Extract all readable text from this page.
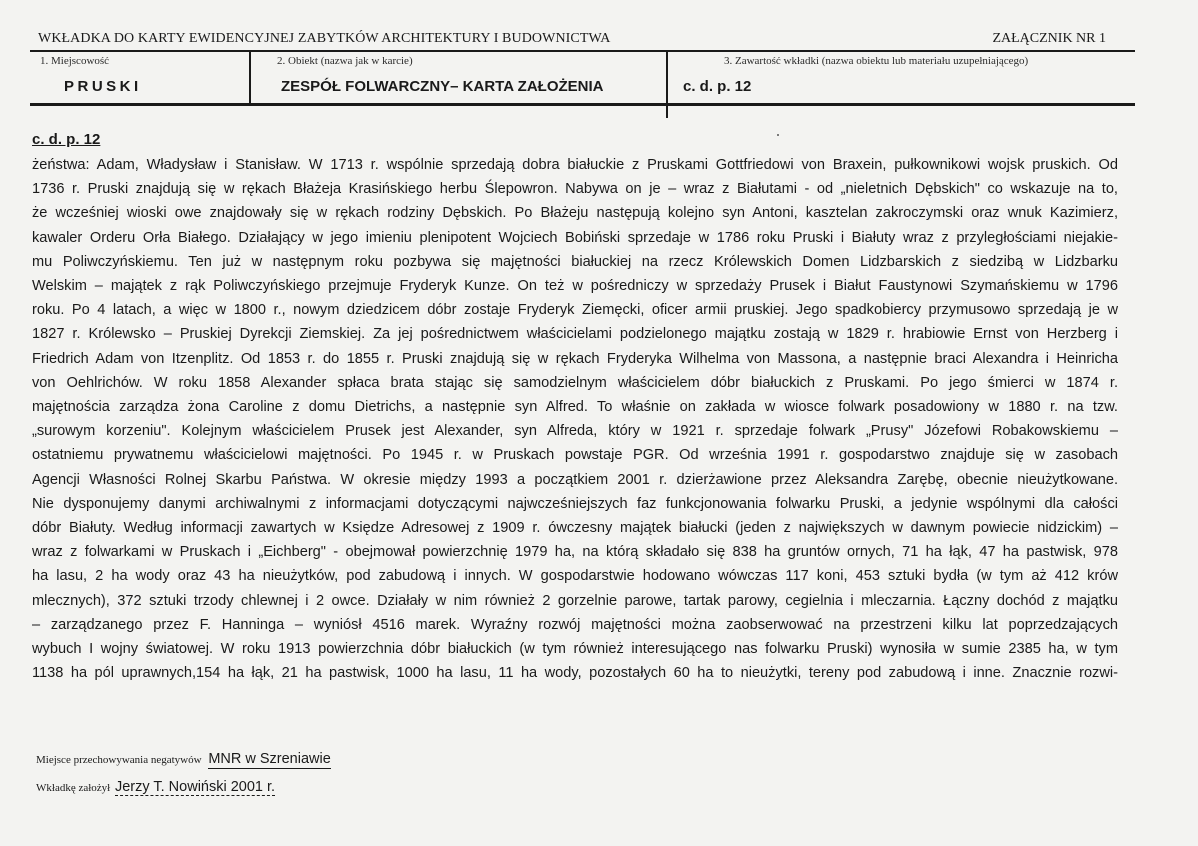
WKŁADKA DO KARTY EWIDENCYJNEJ ZABYTKÓW ARCHITEKTURY I BUDOWNICTWA	ZAŁĄCZNIK NR 1
1. Miejscowość
PRUSKI
2. Obiekt (nazwa jak w karcie)
ZESPÓŁ FOLWARCZNY– KARTA ZAŁOŻENIA
3. Zawartość wkładki (nazwa obiektu lub materiału uzupełniającego)
c. d. p. 12
c. d. p. 12
żeństwa: Adam, Władysław i Stanisław. W 1713 r. wspólnie sprzedają dobra białuckie z Pruskami Gottfriedowi von Braxein, pułkownikowi wojsk pruskich. Od
1736 r. Pruski znajdują się w rękach Błażeja Krasińskiego herbu Ślepowron. Nabywa on je – wraz z Białutami - od „nieletnich Dębskich" co wskazuje na to,
że wcześniej wioski owe znajdowały się w rękach rodziny Dębskich. Po Błażeju następują kolejno syn Antoni, kasztelan zakroczymski oraz wnuk Kazimierz,
kawaler Orderu Orła Białego. Działający w jego imieniu plenipotent Wojciech Bobiński sprzedaje w 1786 roku Pruski i Białuty wraz z przyległościami niejakie-
mu Poliwczyńskiemu. Ten już w następnym roku pozbywa się majętności białuckiej na rzecz Królewskich Domen Lidzbarskich z siedzibą w Lidzbarku
Welskim – majątek z rąk Poliwczyńskiego przejmuje Fryderyk Kunze. On też w pośredniczy w sprzedaży Prusek i Białut Faustynowi Szymańskiemu w 1796
roku. Po 4 latach, a więc w 1800 r., nowym dziedzicem dóbr zostaje Fryderyk Ziemęcki, oficer armii pruskiej. Jego spadkobiercy przymusowo sprzedają je w
1827 r. Królewsko – Pruskiej Dyrekcji Ziemskiej. Za jej pośrednictwem właścicielami podzielonego majątku zostają w 1829 r. hrabiowie Ernst von Herzberg i
Friedrich Adam von Itzenplitz. Od 1853 r. do 1855 r. Pruski znajdują się w rękach Fryderyka Wilhelma von Massona, a następnie braci Alexandra i Heinricha
von Oehlrichów. W roku 1858 Alexander spłaca brata stając się samodzielnym właścicielem dóbr białuckich z Pruskami. Po jego śmierci w 1874 r.
majętnościa zarządza żona Caroline z domu Dietrichs, a następnie syn Alfred. To właśnie on zakłada w wiosce folwark posadowiony w 1880 r. na tzw.
„surowym korzeniu". Kolejnym właścicielem Prusek jest Alexander, syn Alfreda, który w 1921 r. sprzedaje folwark „Prusy" Józefowi Robakowskiemu –
ostatniemu prywatnemu właścicielowi majętności. Po 1945 r. w Pruskach powstaje PGR. Od września 1991 r. gospodarstwo znajduje się w zasobach
Agencji Własności Rolnej Skarbu Państwa. W okresie między 1993 a początkiem 2001 r. dzierżawione przez Aleksandra Zarębę, obecnie nieużytkowane.
Nie dysponujemy danymi archiwalnymi z informacjami dotyczącymi najwcześniejszych faz funkcjonowania folwarku Pruski, a jedynie wspólnymi dla całości
dóbr Białuty. Według informacji zawartych w Księdze Adresowej z 1909 r. ówczesny majątek białucki (jeden z największych w dawnym powiecie nidzickim) –
wraz z folwarkami w Pruskach i „Eichberg" - obejmował powierzchnię 1979 ha, na którą składało się 838 ha gruntów ornych, 71 ha łąk, 47 ha pastwisk, 978
ha lasu, 2 ha wody oraz 43 ha nieużytków, pod zabudową i innych. W gospodarstwie hodowano wówczas 117 koni, 453 sztuki bydła (w tym aż 412 krów
mlecznych), 372 sztuki trzody chlewnej i 2 owce. Działały w nim również 2 gorzelnie parowe, tartak parowy, cegielnia i mleczarnia. Łączny dochód z majątku
– zarządzanego przez F. Hanninga – wyniósł 4516 marek. Wyraźny rozwój majętności można zaobserwować na przestrzeni kilku lat poprzedzających
wybuch I wojny światowej. W roku 1913 powierzchnia dóbr białuckich (w tym również interesującego nas folwarku Pruski) wynosiła w sumie 2385 ha, w tym
1138 ha pól uprawnych,154 ha łąk, 21 ha pastwisk, 1000 ha lasu, 11 ha wody, pozostałych 60 ha to nieużytki, tereny pod zabudową i inne. Znacznie rozwi-
Miejsce przechowywania negatywów MNR w Szreniawie
Wkładkę założył Jerzy T. Nowiński 2001 r.
